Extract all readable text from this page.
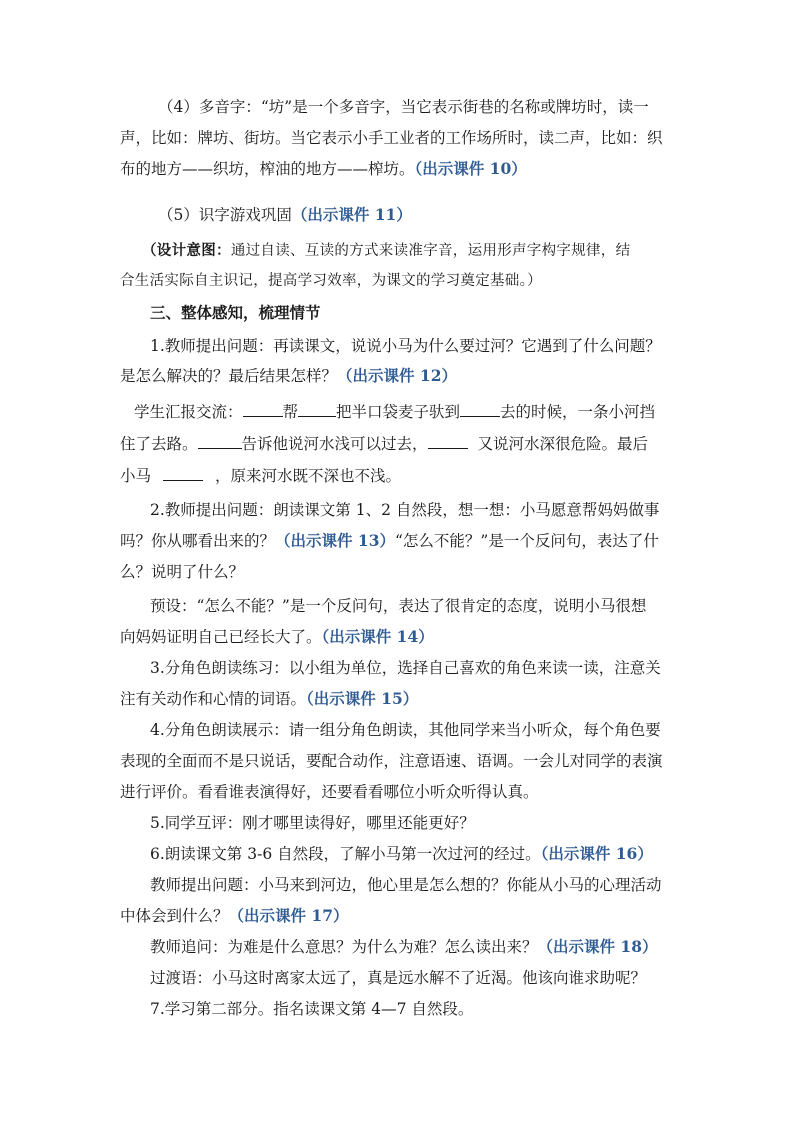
（4）多音字：“坊”是一个多音字，当它表示街巷的名称或牌坊时，读一
声，比如：牌坊、街坊。当它表示小手工业者的工作场所时，读二声，比如：织
布的地方——织坊，榨油的地方——榨坊。（出示课件 10）
（5）识字游戏巩固（出示课件 11）
（设计意图：通过自读、互读的方式来读准字音，运用形声字构字规律，结
合生活实际自主识记，提高学习效率，为课文的学习奠定基础。）
三、整体感知，梳理情节
1.教师提出问题：再读课文，说说小马为什么要过河？它遇到了什么问题？
是怎么解决的？最后结果怎样？（出示课件 12）
学生汇报交流：	帮 把半口袋麦子驮到	去的时候，一条小河挡
住了去路。	告诉他说河水浅可以过去，	又说河水深很危险。最后
小马	，原来河水既不深也不浅。
2.教师提出问题：朗读课文第 1、2 自然段，想一想：小马愿意帮妈妈做事
吗？你从哪看出来的？（出示课件 13）“怎么不能？”是一个反问句，表达了什
么？说明了什么？
预设：“怎么不能？”是一个反问句，表达了很肯定的态度，说明小马很想
向妈妈证明自己已经长大了。（出示课件 14）
3.分角色朗读练习：以小组为单位，选择自己喜欢的角色来读一读，注意关
注有关动作和心情的词语。（出示课件 15）
4.分角色朗读展示：请一组分角色朗读，其他同学来当小听众，每个角色要
表现的全面而不是只说话，要配合动作，注意语速、语调。一会儿对同学的表演
进行评价。看看谁表演得好，还要看看哪位小听众听得认真。
5.同学互评：刚才哪里读得好，哪里还能更好？
6.朗读课文第 3-6 自然段，了解小马第一次过河的经过。（出示课件 16）
教师提出问题：小马来到河边，他心里是怎么想的？你能从小马的心理活动
中体会到什么？（出示课件 17）
教师追问：为难是什么意思？为什么为难？怎么读出来？（出示课件 18）
过渡语：小马这时离家太远了，真是远水解不了近渴。他该向谁求助呢？
7.学习第二部分。指名读课文第 4—7 自然段。
